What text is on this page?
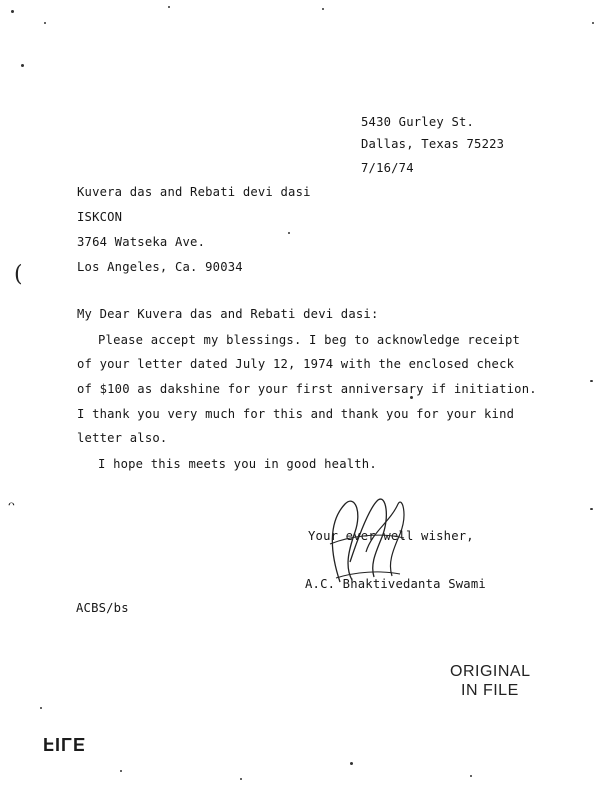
5430 Gurley St.
Dallas, Texas 75223
7/16/74
Kuvera das and Rebati devi dasi
ISKCON
3764 Watseka Ave.
Los Angeles, Ca. 90034
My Dear Kuvera das and Rebati devi dasi:
Please accept my blessings. I beg to acknowledge receipt
of your letter dated July 12, 1974 with the enclosed check
of $100 as dakshine for your first anniversary if initiation.
I thank you very much for this and thank you for your kind
letter also.
I hope this meets you in good health.
Your ever well wisher,
A.C. Bhaktivedanta Swami
ACBS/bs
ORIGINAL
IN FILE
FILE
(
ᵔ
